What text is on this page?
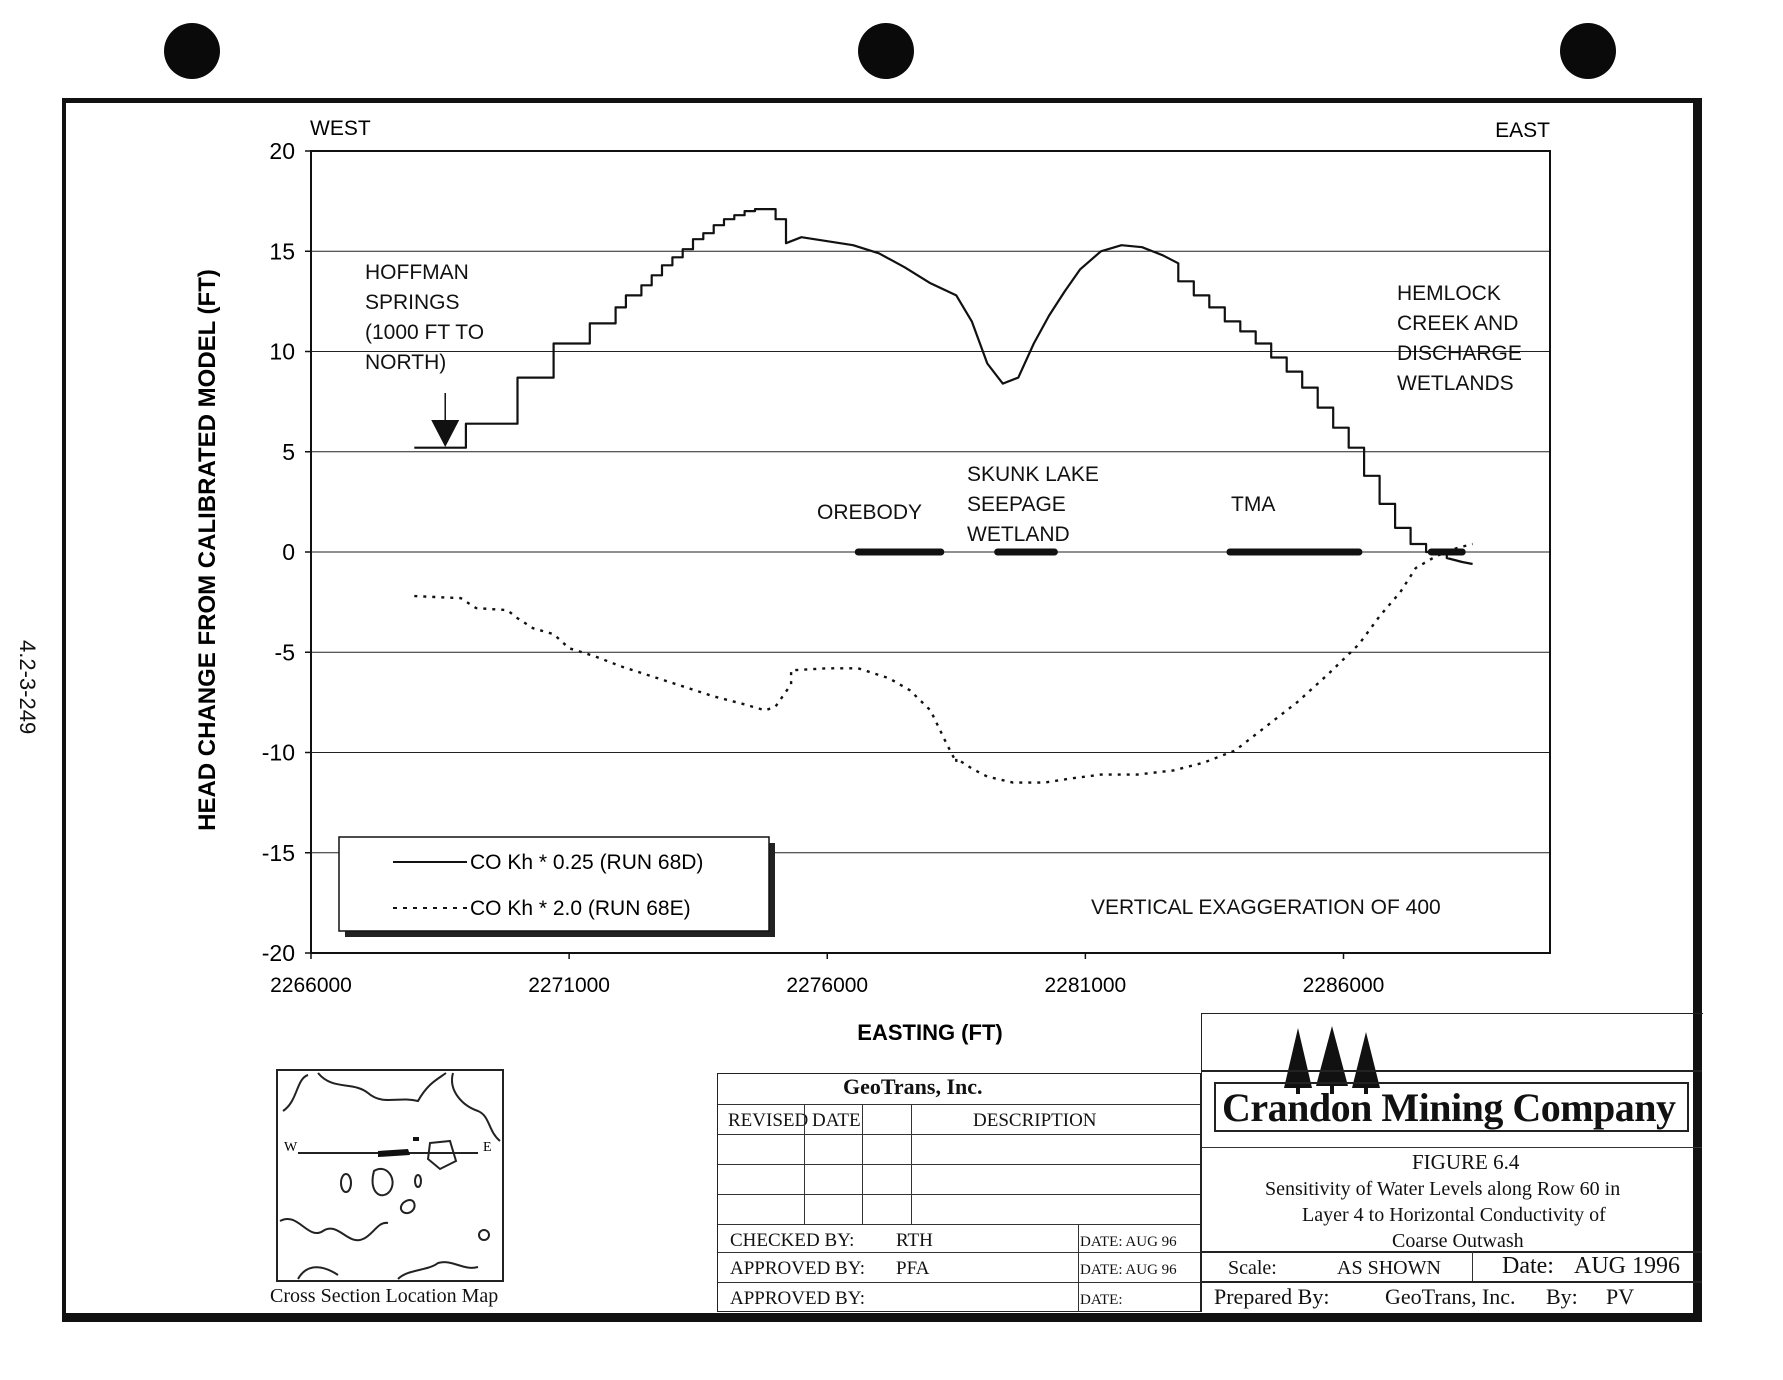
4.2-3-249
20
15
10
5
0
-5
-10
-15
-20
2266000	2271000	2276000	2281000	2286000
HEAD CHANGE FROM CALIBRATED MODEL (FT)
EASTING (FT)
WEST	EAST
HOFFMAN
SPRINGS
(1000 FT TO
NORTH)
HEMLOCK
CREEK AND
DISCHARGE
WETLANDS
OREBODY
SKUNK LAKE
SEEPAGE
WETLAND
TMA
VERTICAL EXAGGERATION OF 400
CO Kh * 0.25 (RUN 68D)
CO Kh * 2.0 (RUN 68E)
W	E
Cross Section Location Map
GeoTrans, Inc.
REVISED DATE	DESCRIPTION
CHECKED BY: RTH	DATE: AUG 96
APPROVED BY: PFA	DATE: AUG 96
APPROVED BY:	DATE:
Crandon Mining Company
FIGURE 6.4
Sensitivity of Water Levels along Row 60 in
Layer 4 to Horizontal Conductivity of
Coarse Outwash
Scale:	AS SHOWN	Date: AUG 1996
Prepared By:	GeoTrans, Inc. By: PV
